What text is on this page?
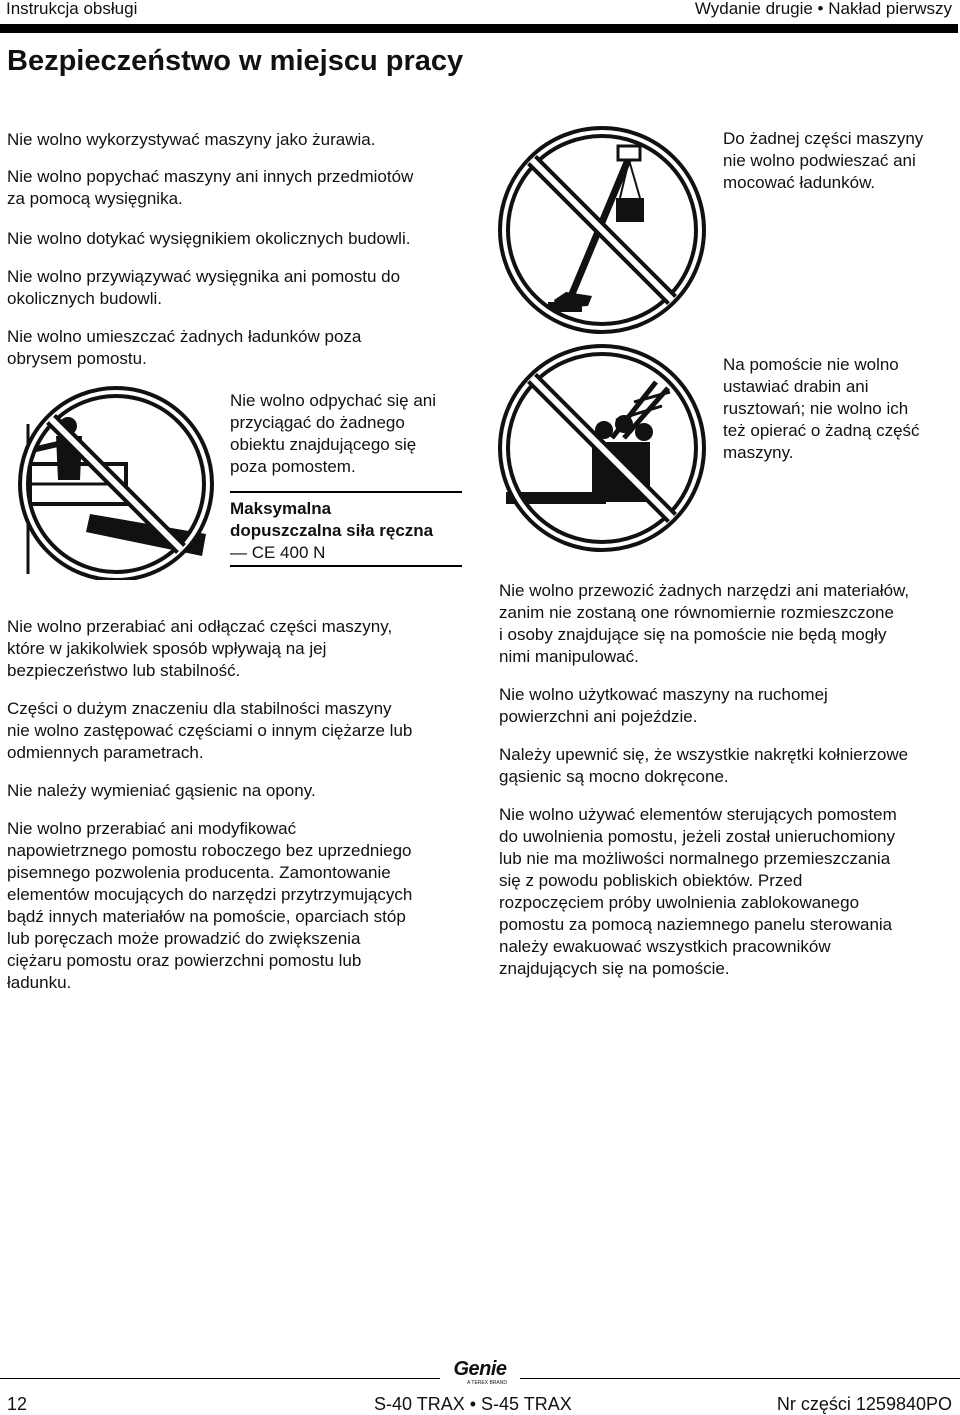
Instrukcja obsługi	Wydanie drugie • Nakład pierwszy
Bezpieczeństwo w miejscu pracy

Nie wolno wykorzystywać maszyny jako żurawia.

Nie wolno popychać maszyny ani innych przedmiotów

za pomocą wysięgnika.

Nie wolno dotykać wysięgnikiem okolicznych budowli.

Nie wolno przywiązywać wysięgnika ani pomostu do

okolicznych budowli.

Nie wolno umieszczać żadnych ładunków poza

obrysem pomostu.

Nie wolno odpychać się ani

przyciągać do żadnego

obiektu znajdującego się

poza pomostem.

Maksymalna

dopuszczalna siła ręczna

— CE 400 N

Do żadnej części maszyny

nie wolno podwieszać ani

mocować ładunków.

Na pomoście nie wolno

ustawiać drabin ani

rusztowań; nie wolno ich

też opierać o żadną część

maszyny.

Nie wolno przerabiać ani odłączać części maszyny,

które w jakikolwiek sposób wpływają na jej

bezpieczeństwo lub stabilność.

Części o dużym znaczeniu dla stabilności maszyny

nie wolno zastępować częściami o innym ciężarze lub

odmiennych parametrach.

Nie należy wymieniać gąsienic na opony.

Nie wolno przerabiać ani modyfikować

napowietrznego pomostu roboczego bez uprzedniego

pisemnego pozwolenia producenta. Zamontowanie

elementów mocujących do narzędzi przytrzymujących

bądź innych materiałów na pomoście, oparciach stóp

lub poręczach może prowadzić do zwiększenia

ciężaru pomostu oraz powierzchni pomostu lub

ładunku.

Nie wolno przewozić żadnych narzędzi ani materiałów,

zanim nie zostaną one równomiernie rozmieszczone

i osoby znajdujące się na pomoście nie będą mogły

nimi manipulować.

Nie wolno użytkować maszyny na ruchomej

powierzchni ani pojeździe.

Należy upewnić się, że wszystkie nakrętki kołnierzowe

gąsienic są mocno dokręcone.

Nie wolno używać elementów sterujących pomostem

do uwolnienia pomostu, jeżeli został unieruchomiony

lub nie ma możliwości normalnego przemieszczania

się z powodu pobliskich obiektów. Przed

rozpoczęciem próby uwolnienia zablokowanego

pomostu za pomocą naziemnego panelu sterowania

należy ewakuować wszystkich pracowników

znajdujących się na pomoście.

Genie
A TEREX BRAND
12	S-40 TRAX • S-45 TRAX	Nr części 1259840PO
